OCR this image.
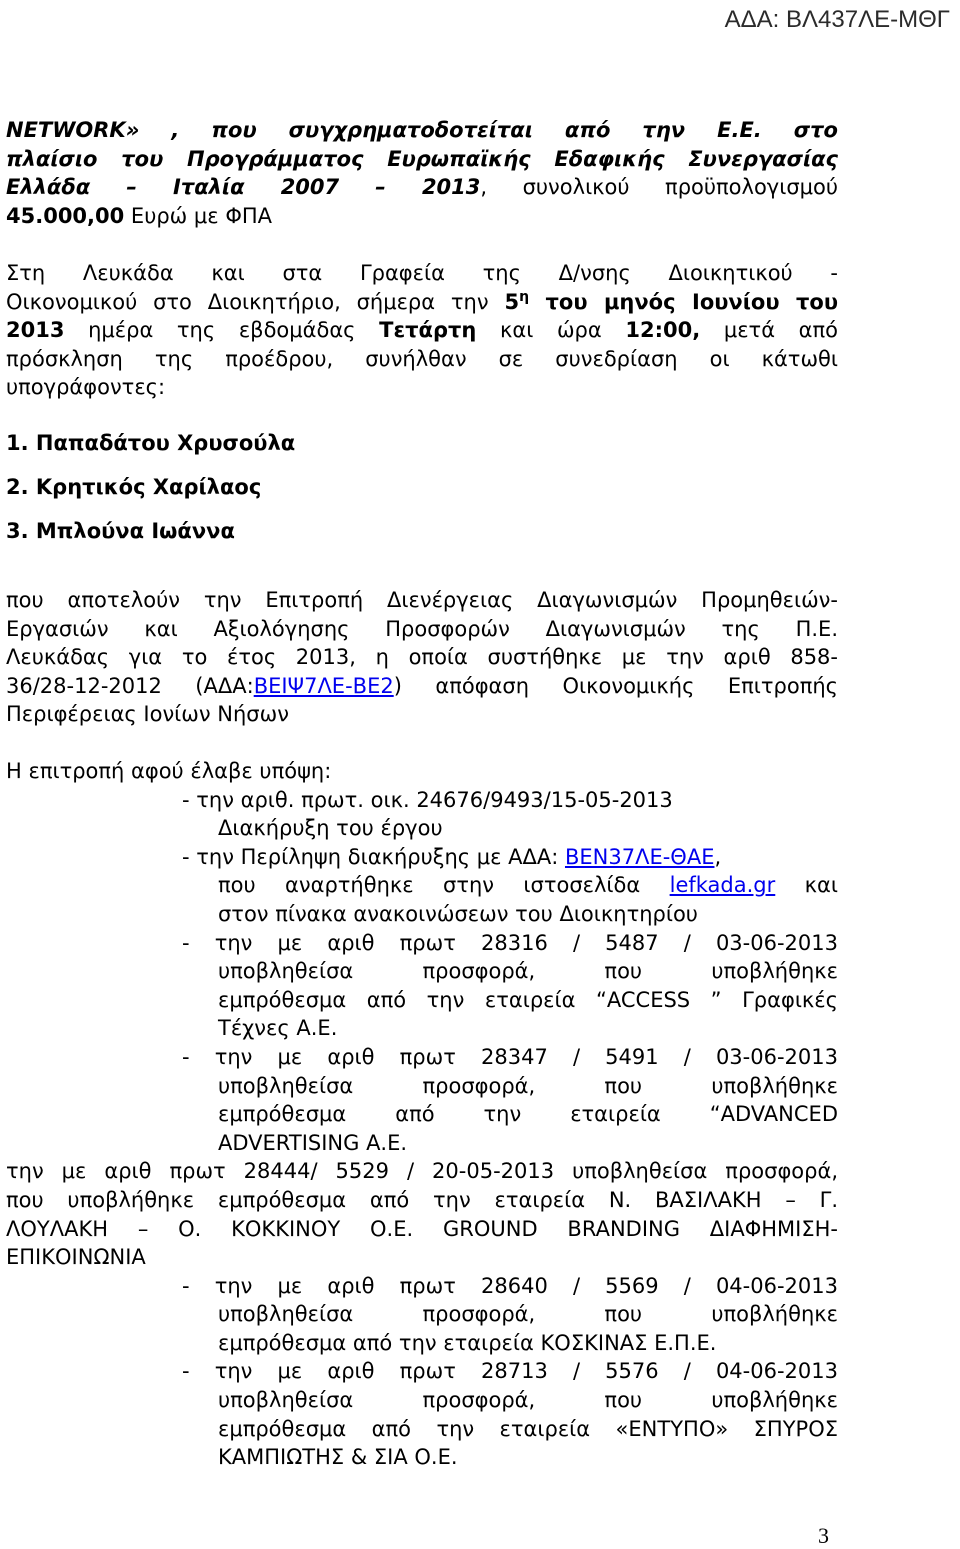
ΑΔΑ: ΒΛ437ΛΕ-ΜΘΓ
NETWORK» , που συγχρηματοδοτείται από την Ε.Ε. στο
πλαίσιο του Προγράμματος Ευρωπαϊκής Εδαφικής Συνεργασίας
Ελλάδα – Ιταλία 2007 – 2013, συνολικού προϋπολογισμού
45.000,00 Ευρώ με ΦΠΑ
Στη Λευκάδα και στα Γραφεία της Δ/νσης Διοικητικού -
Οικονομικού στο Διοικητήριο, σήμερα την $5^\eta$ του μηνός Ιουνίου του
2013 ημέρα της εβδομάδας Τετάρτη και ώρα 12:00, μετά από
πρόσκληση της προέδρου, συνήλθαν σε συνεδρίαση οι κάτωθι
υπογράφοντες:
1. Παπαδάτου Χρυσούλα
2. Κρητικός Χαρίλαος
3. Μπλούνα Ιωάννα
που αποτελούν την Επιτροπή Διενέργειας Διαγωνισμών Προμηθειών-
Εργασιών και Αξιολόγησης Προσφορών Διαγωνισμών της Π.Ε.
Λευκάδας για το έτος 2013, η οποία συστήθηκε με την αριθ 858-
36/28-12-2012 (ΑΔΑ:ΒΕΙΨ7ΛΕ-ΒΕ2) απόφαση Οικονομικής Επιτροπής
Περιφέρειας Ιονίων Νήσων
Η επιτροπή αφού έλαβε υπόψη:
- την αριθ. πρωτ. οικ. 24676/9493/15-05-2013
Διακήρυξη του έργου
- την Περίληψη διακήρυξης με ΑΔΑ: ΒΕΝ37ΛΕ-ΘΑΕ,
που αναρτήθηκε στην ιστοσελίδα lefkada.gr και
στον πίνακα ανακοινώσεων του Διοικητηρίου
- την με αριθ πρωτ 28316 / 5487 / 03-06-2013
υποβληθείσα προσφορά, που υποβλήθηκε
εμπρόθεσμα από την εταιρεία “ACCESS ” Γραφικές
Τέχνες Α.Ε.
- την με αριθ πρωτ 28347 / 5491 / 03-06-2013
υποβληθείσα προσφορά, που υποβλήθηκε
εμπρόθεσμα από την εταιρεία “ADVANCED
ADVERTISING Α.Ε.
την με αριθ πρωτ 28444/ 5529 / 20-05-2013 υποβληθείσα προσφορά,
που υποβλήθηκε εμπρόθεσμα από την εταιρεία Ν. ΒΑΣΙΛΑΚΗ – Γ.
ΛΟΥΛΑΚΗ – Ο. ΚΟΚΚΙΝΟΥ Ο.Ε. GROUND BRANDING ΔΙΑΦΗΜΙΣΗ-
ΕΠΙΚΟΙΝΩΝΙΑ
- την με αριθ πρωτ 28640 / 5569 / 04-06-2013
υποβληθείσα προσφορά, που υποβλήθηκε
εμπρόθεσμα από την εταιρεία ΚΟΣΚΙΝΑΣ Ε.Π.Ε.
- την με αριθ πρωτ 28713 / 5576 / 04-06-2013
υποβληθείσα προσφορά, που υποβλήθηκε
εμπρόθεσμα από την εταιρεία «ΕΝΤΥΠΟ» ΣΠΥΡΟΣ
ΚΑΜΠΙΩΤΗΣ & ΣΙΑ Ο.Ε.
3
